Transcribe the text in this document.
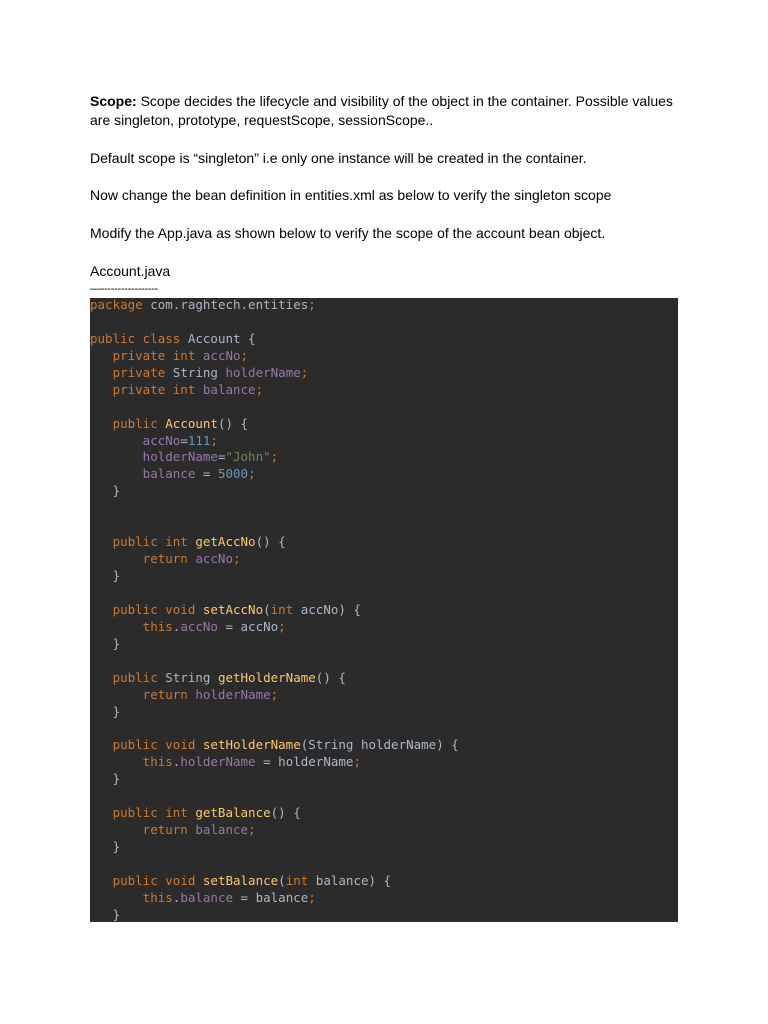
Scope: Scope decides the lifecycle and visibility of the object in the container. Possible values are singleton, prototype, requestScope, sessionScope..
Default scope is “singleton” i.e only one instance will be created in the container.
Now change the bean definition in entities.xml as below to verify the singleton scope
Modify the App.java as shown below to verify the scope of the account bean object.
Account.java
—-----------------
package com.raghtech.entities;
public class Account {
private int accNo;
private String holderName;
private int balance;
public Account() {
accNo=111;
holderName="John";
balance = 5000;
}
public int getAccNo() {
return accNo;
}
public void setAccNo(int accNo) {
this.accNo = accNo;
}
public String getHolderName() {
return holderName;
}
public void setHolderName(String holderName) {
this.holderName = holderName;
}
public int getBalance() {
return balance;
}
public void setBalance(int balance) {
this.balance = balance;
}
